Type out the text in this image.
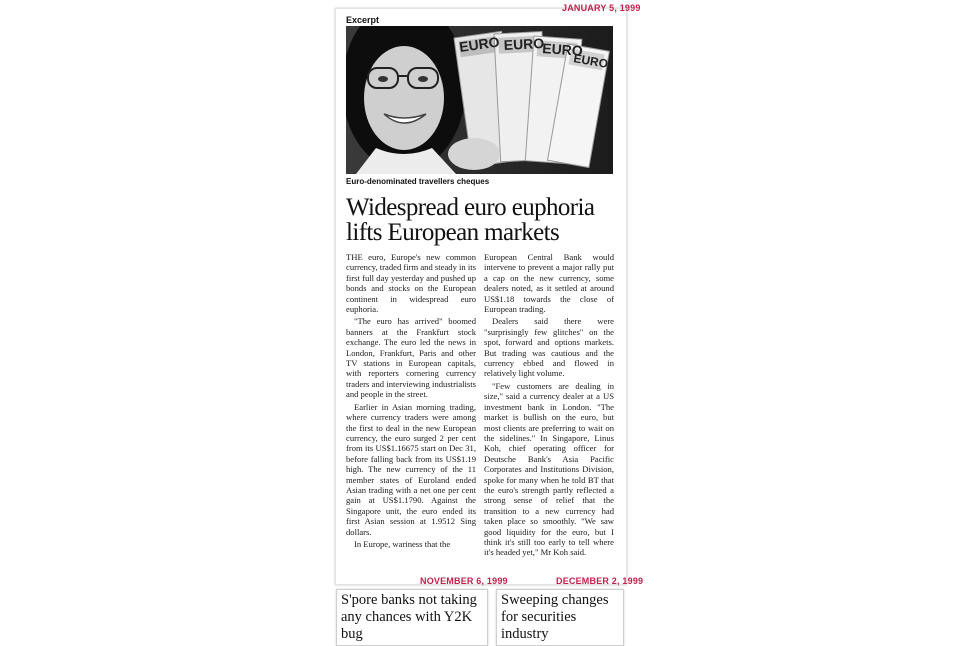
JANUARY 5, 1999
Excerpt
EURO EURO
EURO
EURO
Euro-denominated travellers cheques
Widespread euro euphoria lifts European markets

THE euro, Europe's new common currency, traded firm and steady in its first full day yesterday and pushed up bonds and stocks on the European continent in widespread euro euphoria.

"The euro has arrived" boomed banners at the Frankfurt stock exchange. The euro led the news in London, Frankfurt, Paris and other TV stations in European capitals, with reporters cornering currency traders and interviewing industrialists and people in the street.

Earlier in Asian morning trading, where currency traders were among the first to deal in the new European currency, the euro surged 2 per cent from its US$1.16675 start on Dec 31, before falling back from its US$1.19 high. The new currency of the 11 member states of Euroland ended Asian trading with a net one per cent gain at US$1.1790. Against the Singapore unit, the euro ended its first Asian session at 1.9512 Sing dollars.

In Europe, wariness that the

European Central Bank would intervene to prevent a major rally put a cap on the new currency, some dealers noted, as it settled at around US$1.18 towards the close of European trading.

Dealers said there were "surprisingly few glitches" on the spot, forward and options markets. But trading was cautious and the currency ebbed and flowed in relatively light volume.

"Few customers are dealing in size," said a currency dealer at a US investment bank in London. "The market is bullish on the euro, but most clients are preferring to wait on the sidelines." In Singapore, Linus Koh, chief operating officer for Deutsche Bank's Asia Pacific Corporates and Institutions Division, spoke for many when he told BT that the euro's strength partly reflected a strong sense of relief that the transition to a new currency had taken place so smoothly. "We saw good liquidity for the euro, but I think it's still too early to tell where it's headed yet," Mr Koh said.

NOVEMBER 6, 1999
S'pore banks not taking
any chances with Y2K bug
DECEMBER 2, 1999
Sweeping changes
for securities industry
